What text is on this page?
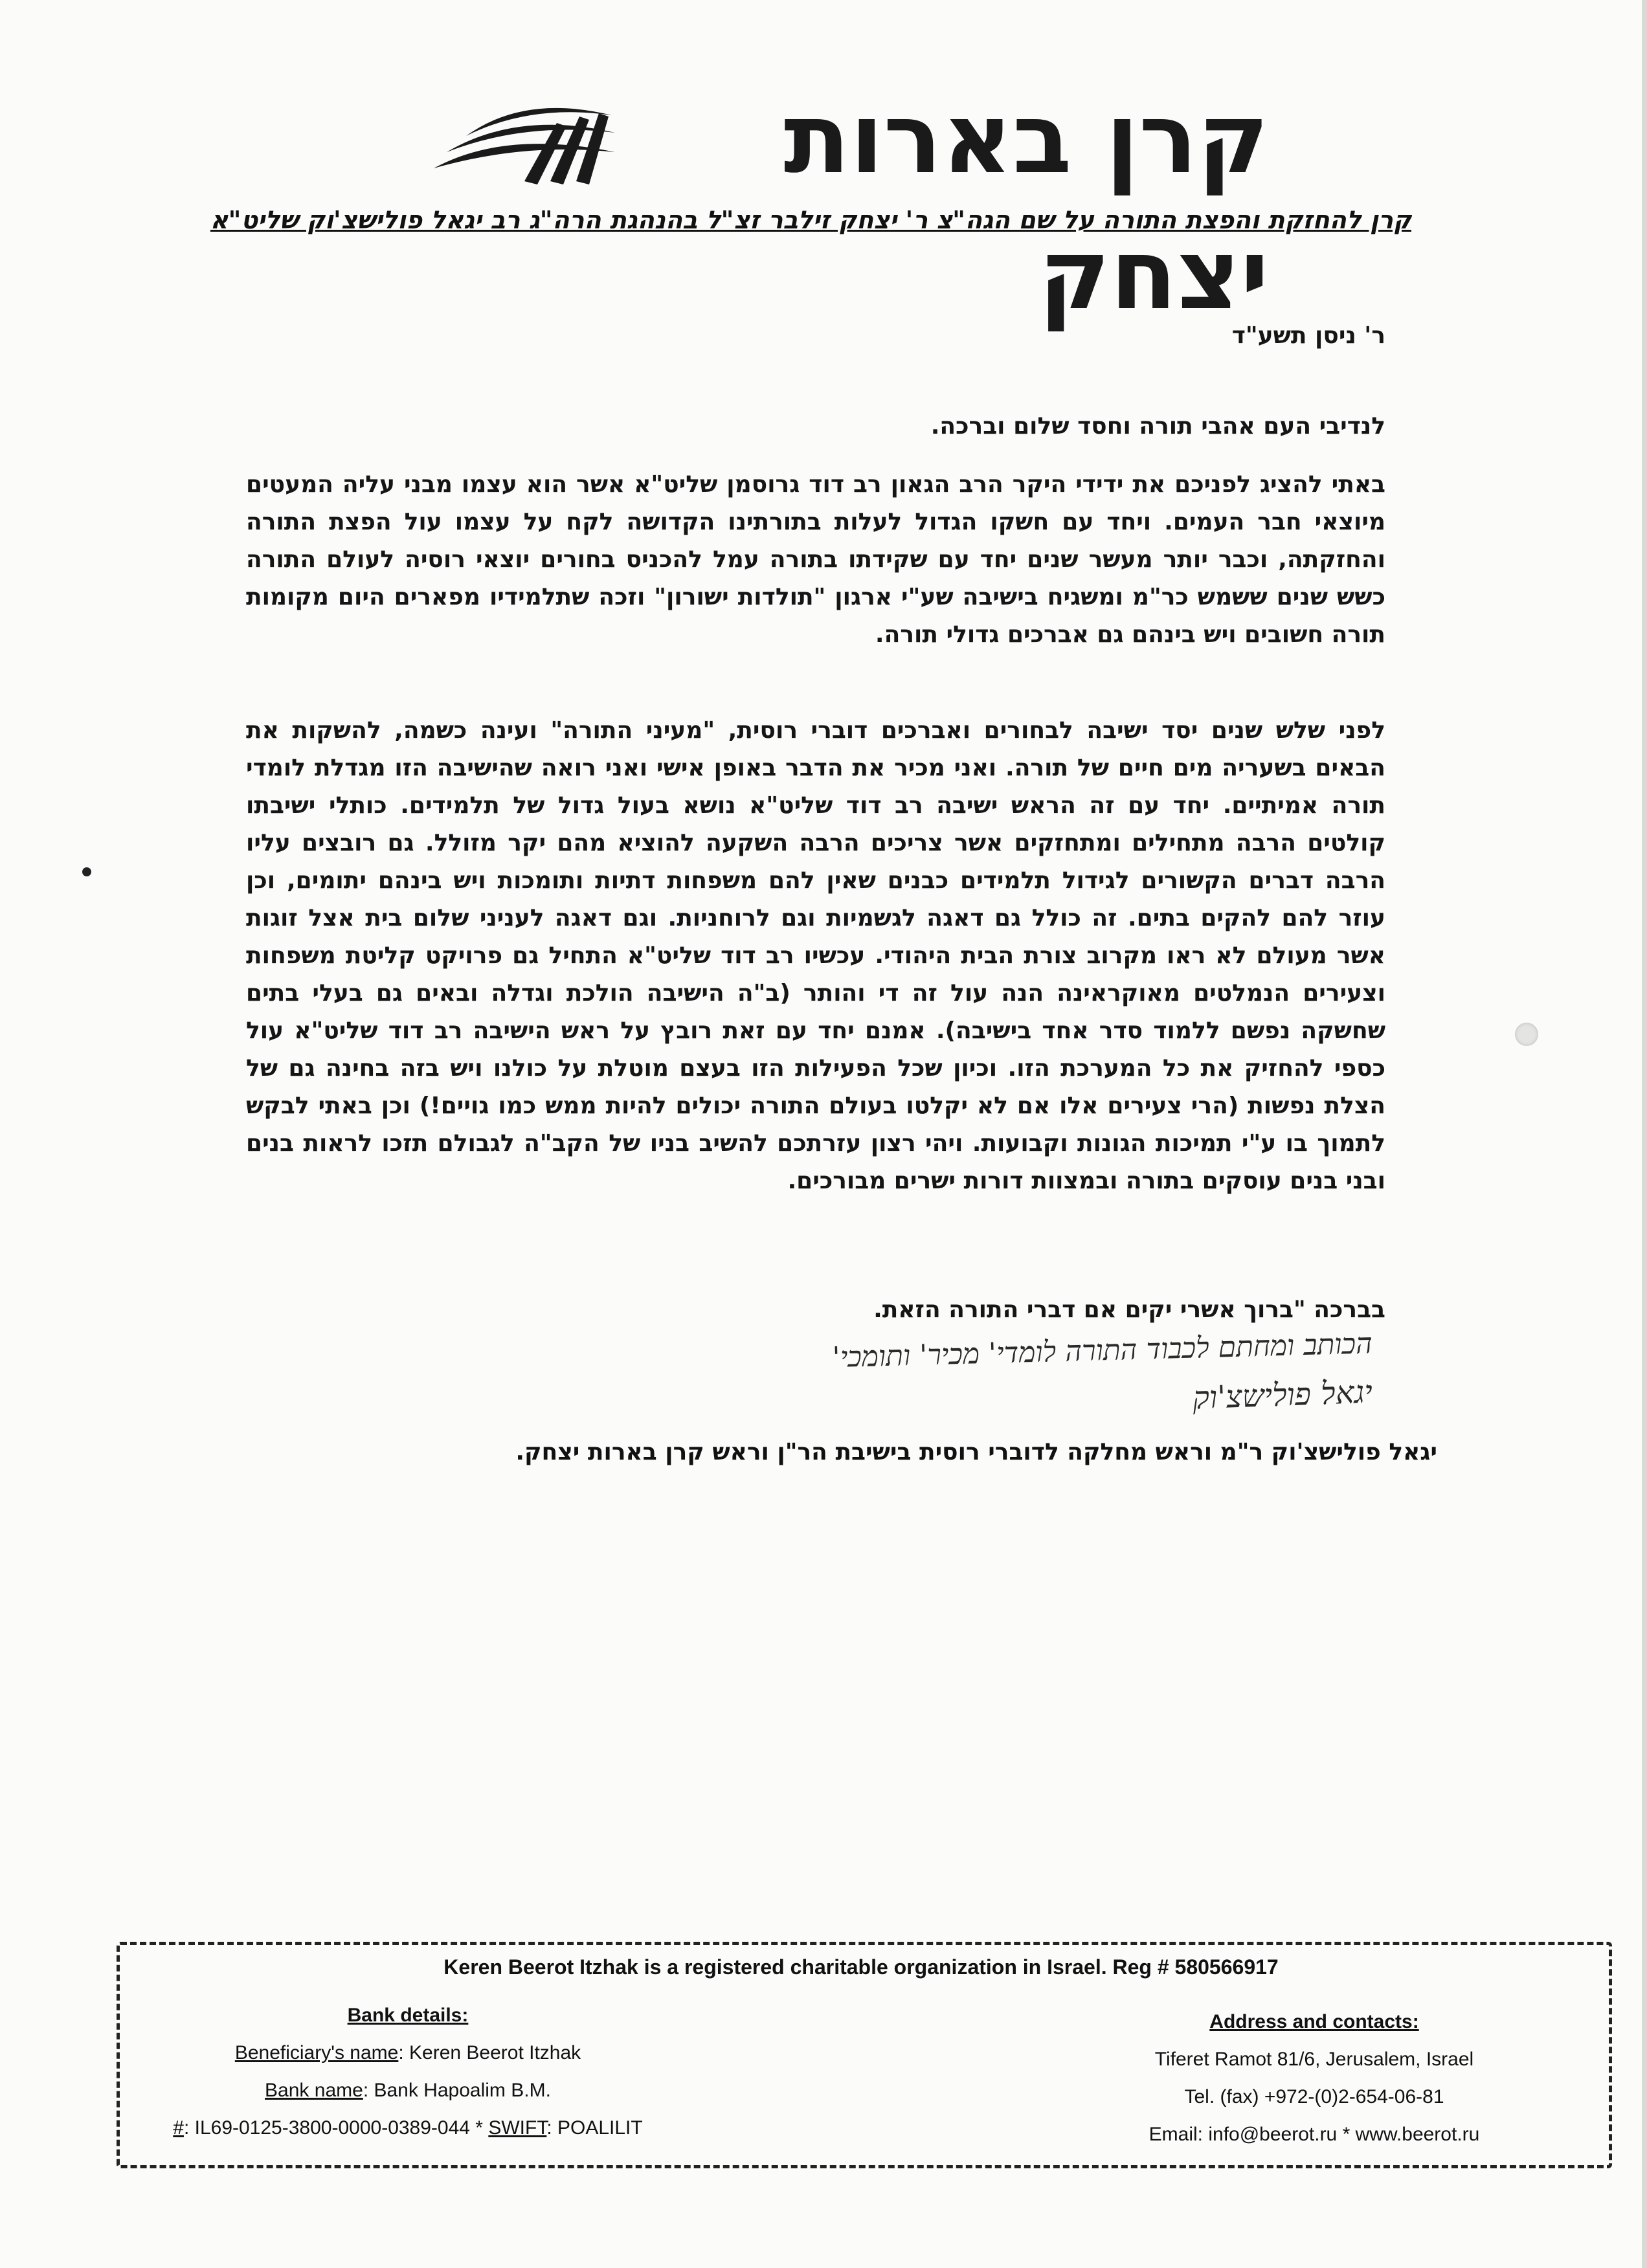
קרן בארות יצחק
קרן להחזקת והפצת התורה על שם הגה"צ ר' יצחק זילבר זצ"ל בהנהגת הרה"ג רב יגאל פולישצ'וק שליט"א
ר' ניסן תשע"ד
לנדיבי העם אהבי תורה וחסד שלום וברכה.
באתי להציג לפניכם את ידידי היקר הרב הגאון רב דוד גרוסמן שליט"א אשר הוא עצמו מבני עליה המעטים מיוצאי חבר העמים. ויחד עם חשקו הגדול לעלות בתורתינו הקדושה לקח על עצמו עול הפצת התורה והחזקתה, וכבר יותר מעשר שנים יחד עם שקידתו בתורה עמל להכניס בחורים יוצאי רוסיה לעולם התורה כשש שנים ששמש כר"מ ומשגיח בישיבה שע"י ארגון "תולדות ישורון" וזכה שתלמידיו מפארים היום מקומות תורה חשובים ויש בינהם גם אברכים גדולי תורה.
לפני שלש שנים יסד ישיבה לבחורים ואברכים דוברי רוסית, "מעיני התורה" ועינה כשמה, להשקות את הבאים בשעריה מים חיים של תורה. ואני מכיר את הדבר באופן אישי ואני רואה שהישיבה הזו מגדלת לומדי תורה אמיתיים. יחד עם זה הראש ישיבה רב דוד שליט"א נושא בעול גדול של תלמידים. כותלי ישיבתו קולטים הרבה מתחילים ומתחזקים אשר צריכים הרבה השקעה להוציא מהם יקר מזולל. גם רובצים עליו הרבה דברים הקשורים לגידול תלמידים כבנים שאין להם משפחות דתיות ותומכות ויש בינהם יתומים, וכן עוזר להם להקים בתים. זה כולל גם דאגה לגשמיות וגם לרוחניות. וגם דאגה לעניני שלום בית אצל זוגות אשר מעולם לא ראו מקרוב צורת הבית היהודי. עכשיו רב דוד שליט"א התחיל גם פרויקט קליטת משפחות וצעירים הנמלטים מאוקראינה הנה עול זה די והותר (ב"ה הישיבה הולכת וגדלה ובאים גם בעלי בתים שחשקה נפשם ללמוד סדר אחד בישיבה). אמנם יחד עם זאת רובץ על ראש הישיבה רב דוד שליט"א עול כספי להחזיק את כל המערכת הזו. וכיון שכל הפעילות הזו בעצם מוטלת על כולנו ויש בזה בחינה גם של הצלת נפשות (הרי צעירים אלו אם לא יקלטו בעולם התורה יכולים להיות ממש כמו גויים!) וכן באתי לבקש לתמוך בו ע"י תמיכות הגונות וקבועות. ויהי רצון עזרתכם להשיב בניו של הקב"ה לגבולם תזכו לראות בנים ובני בנים עוסקים בתורה ובמצוות דורות ישרים מבורכים.
בברכה "ברוך אשרי יקים אם דברי התורה הזאת.
הכותב ומחתם לכבוד התורה לומדי' מכיר' ותומכי'
יגאל פולישצ'וק
יגאל פולישצ'וק ר"מ וראש מחלקה לדוברי רוסית בישיבת הר"ן וראש קרן בארות יצחק.
Keren Beerot Itzhak is a registered charitable organization in Israel. Reg # 580566917
Bank details:
Beneficiary's name: Keren Beerot Itzhak
Bank name: Bank Hapoalim B.M.
#: IL69-0125-3800-0000-0389-044 * SWIFT: POALILIT
Address and contacts:
Tiferet Ramot 81/6, Jerusalem, Israel
Tel. (fax) +972-(0)2-654-06-81
Email: info@beerot.ru * www.beerot.ru
